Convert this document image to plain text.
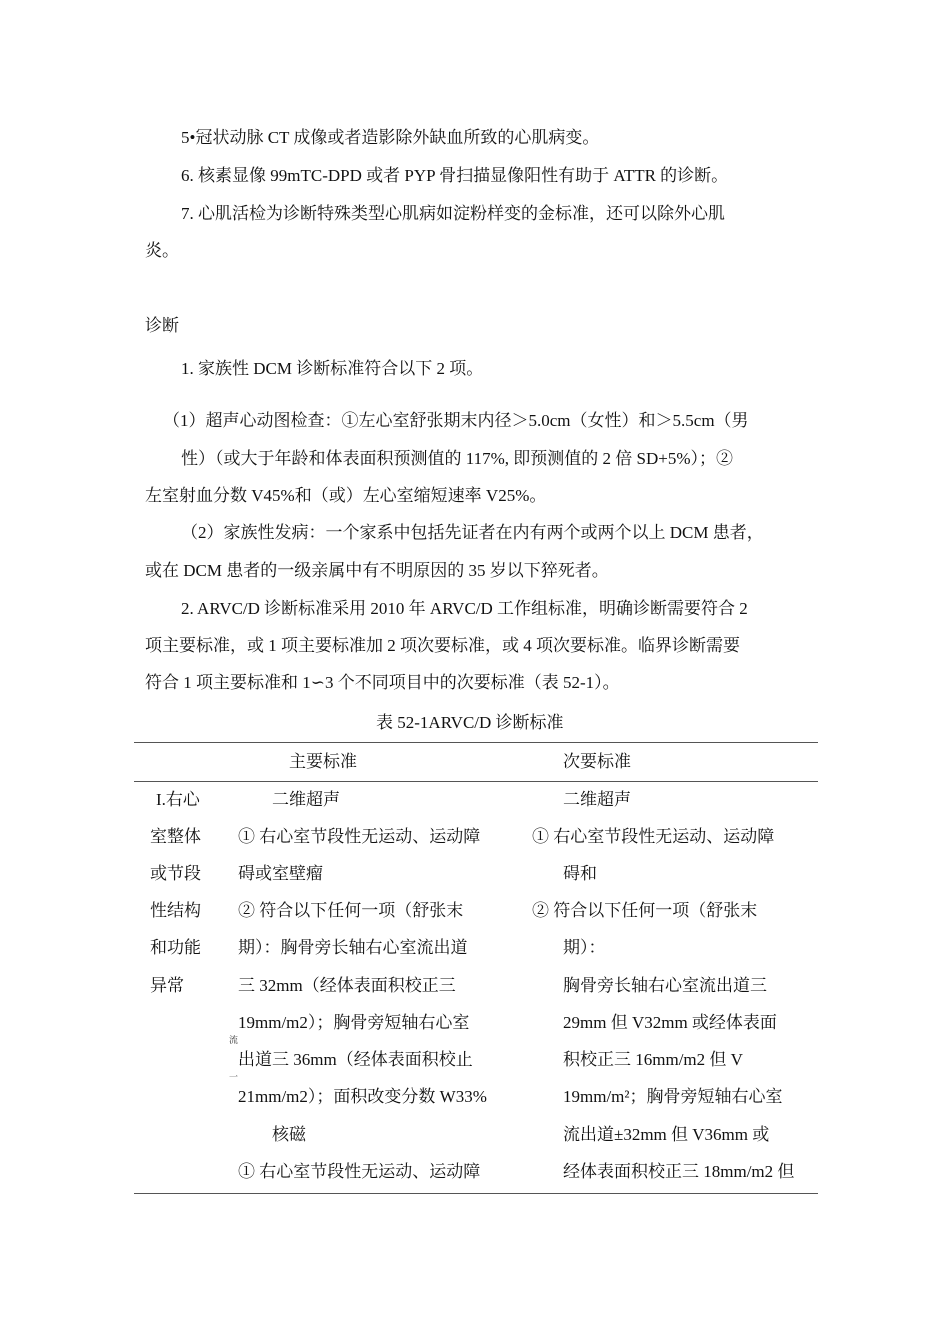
5•冠状动脉 CT 成像或者造影除外缺血所致的心肌病变。
6. 核素显像 99mTC-DPD 或者 PYP 骨扫描显像阳性有助于 ATTR 的诊断。
7. 心肌活检为诊断特殊类型心肌病如淀粉样变的金标准，还可以除外心肌
炎。
诊断
1. 家族性 DCM 诊断标准符合以下 2 项。
（1）超声心动图检查：①左心室舒张期末内径＞5.0cm（女性）和＞5.5cm（男
性）（或大于年龄和体表面积预测值的 117%, 即预测值的 2 倍 SD+5%）；②
左室射血分数 V45%和（或）左心室缩短速率 V25%。
（2）家族性发病：一个家系中包括先证者在内有两个或两个以上 DCM 患者，
或在 DCM 患者的一级亲属中有不明原因的 35 岁以下猝死者。
2. ARVC/D 诊断标准采用 2010 年 ARVC/D 工作组标准，明确诊断需要符合 2
项主要标准，或 1 项主要标准加 2 项次要标准，或 4 项次要标准。临界诊断需要
符合 1 项主要标准和 1∽3 个不同项目中的次要标准（表 52-1）。
表 52-1ARVC/D 诊断标准
主要标准	次要标准
I.右心
室整体
或节段
性结构
和功能
异常
二维超声
① 右心室节段性无运动、运动障
碍或室壁瘤
② 符合以下任何一项（舒张末
期）：胸骨旁长轴右心室流出道
三 32mm（经体表面积校正三
19mm/m2）；胸骨旁短轴右心室
出道三 36mm（经体表面积校止
21mm/m2）；面积改变分数 W33%
核磁
① 右心室节段性无运动、运动障
流
一
二维超声
① 右心室节段性无运动、运动障
碍和
② 符合以下任何一项（舒张末
期）：
胸骨旁长轴右心室流出道三
29mm 但 V32mm 或经体表面
积校正三 16mm/m2 但 V
19mm/m²；胸骨旁短轴右心室
流出道±32mm 但 V36mm 或
经体表面积校正三 18mm/m2 但
